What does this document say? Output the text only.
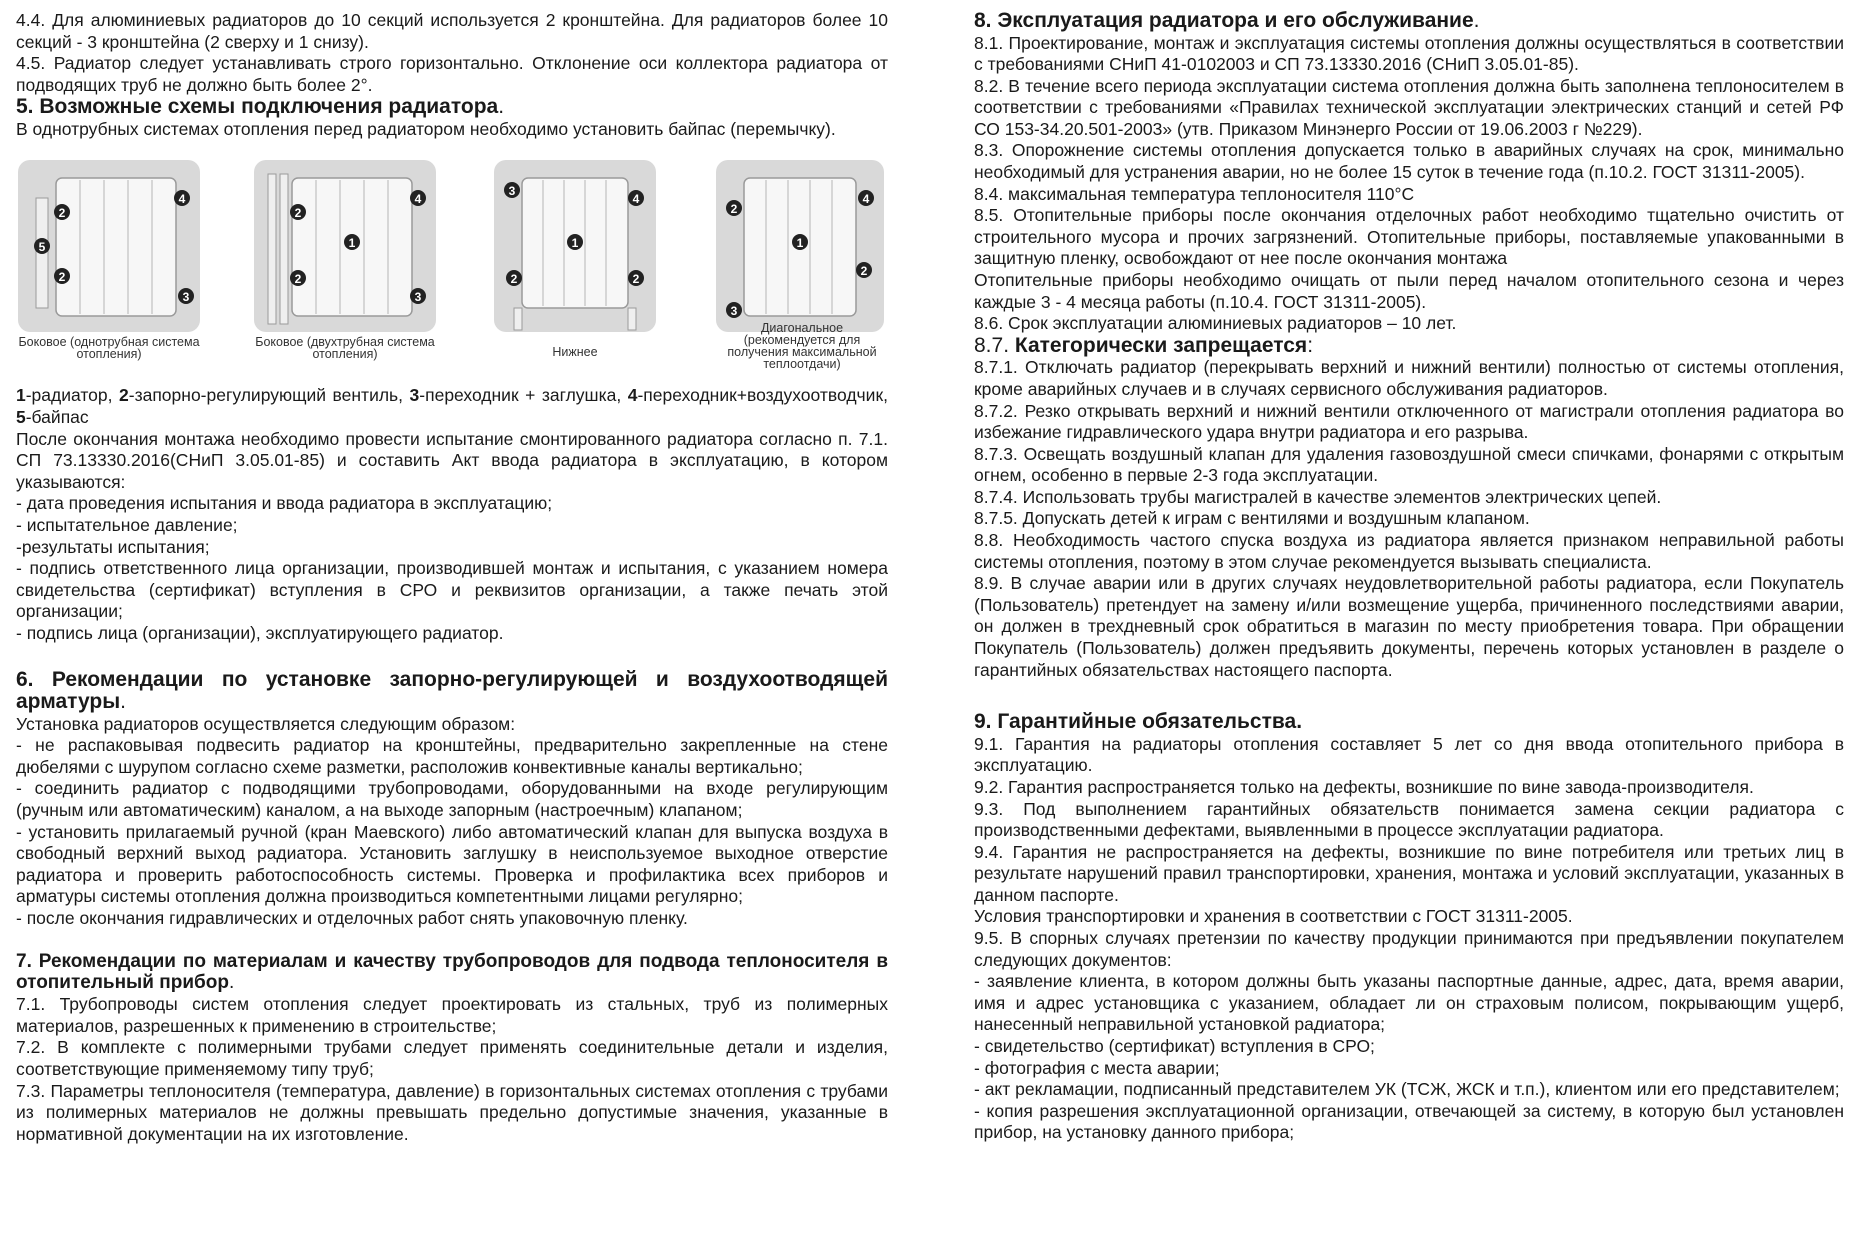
4.4. Для алюминиевых радиаторов до 10 секций используется 2 кронштейна. Для радиаторов более 10 секций - 3 кронштейна (2 сверху и 1 снизу).

4.5. Радиатор следует устанавливать строго горизонтально. Отклонение оси коллектора радиатора от подводящих труб не должно быть более 2°.

5. Возможные схемы подключения радиатора.

В однотрубных системах отопления перед радиатором необходимо установить байпас (перемычку).

4
2
5
2
3
Боковое (однотрубная система отопления)
4
2
1
2
3
Боковое (двухтрубная система отопления)
3
4
1
2	2
Нижнее
2
4
1
2
3
Диагональное (рекомендуется для получения максимальной теплоотдачи)

1-радиатор, 2-запорно-регулирующий вентиль, 3-переходник + заглушка, 4-переходник+воздухоотводчик, 5-байпас

После окончания монтажа необходимо провести испытание смонтированного радиатора согласно п. 7.1. СП 73.13330.2016(СНиП 3.05.01-85) и составить Акт ввода радиатора в эксплуатацию, в котором указываются:

- дата проведения испытания и ввода радиатора в эксплуатацию;

- испытательное давление;

-результаты испытания;

- подпись ответственного лица организации, производившей монтаж и испытания, с указанием номера свидетельства (сертификат) вступления в СРО и реквизитов организации, а также печать этой организации;

- подпись лица (организации), эксплуатирующего радиатор.

6. Рекомендации по установке запорно-регулирующей и воздухоотводящей арматуры.

Установка радиаторов осуществляется следующим образом:

- не распаковывая подвесить радиатор на кронштейны, предварительно закрепленные на стене дюбелями с шурупом согласно схеме разметки, расположив конвективные каналы вертикально;

- соединить радиатор с подводящими трубопроводами, оборудованными на входе регулирующим (ручным или автоматическим) каналом, а на выходе запорным (настроечным) клапаном;

- установить прилагаемый ручной (кран Маевского) либо автоматический клапан для выпуска воздуха в свободный верхний выход радиатора. Установить заглушку в неиспользуемое выходное отверстие радиатора и проверить работоспособность системы. Проверка и профилактика всех приборов и арматуры системы отопления должна производиться компетентными лицами регулярно;

- после окончания гидравлических и отделочных работ снять упаковочную пленку.

7. Рекомендации по материалам и качеству трубопроводов для подвода теплоносителя в отопительный прибор.

7.1. Трубопроводы систем отопления следует проектировать из стальных, труб из полимерных материалов, разрешенных к применению в строительстве;

7.2. В комплекте с полимерными трубами следует применять соединительные детали и изделия, соответствующие применяемому типу труб;

7.3. Параметры теплоносителя (температура, давление) в горизонтальных системах отопления с трубами из полимерных материалов не должны превышать предельно допустимые значения, указанные в нормативной документации на их изготовление.

8. Эксплуатация радиатора и его обслуживание.

8.1. Проектирование, монтаж и эксплуатация системы отопления должны осуществляться в соответствии с требованиями СНиП 41-0102003 и СП 73.13330.2016 (СНиП 3.05.01-85).

8.2. В течение всего периода эксплуатации система отопления должна быть заполнена теплоносителем в соответствии с требованиями «Правилах технической эксплуатации электрических станций и сетей РФ СО 153-34.20.501-2003» (утв. Приказом Минэнерго России от 19.06.2003 г №229).

8.3. Опорожнение системы отопления допускается только в аварийных случаях на срок, минимально необходимый для устранения аварии, но не более 15 суток в течение года (п.10.2. ГОСТ 31311-2005).

8.4. максимальная температура теплоносителя 110°С

8.5. Отопительные приборы после окончания отделочных работ необходимо тщательно очистить от строительного мусора и прочих загрязнений. Отопительные приборы, поставляемые упакованными в защитную пленку, освобождают от нее после окончания монтажа

Отопительные приборы необходимо очищать от пыли перед началом отопительного сезона и через каждые 3 - 4 месяца работы (п.10.4. ГОСТ 31311-2005).

8.6. Срок эксплуатации алюминиевых радиаторов – 10 лет.

8.7. Категорически запрещается:

8.7.1. Отключать радиатор (перекрывать верхний и нижний вентили) полностью от системы отопления, кроме аварийных случаев и в случаях сервисного обслуживания радиаторов.

8.7.2. Резко открывать верхний и нижний вентили отключенного от магистрали отопления радиатора во избежание гидравлического удара внутри радиатора и его разрыва.

8.7.3. Освещать воздушный клапан для удаления газовоздушной смеси спичками, фонарями с открытым огнем, особенно в первые 2-3 года эксплуатации.

8.7.4. Использовать трубы магистралей в качестве элементов электрических цепей.

8.7.5. Допускать детей к играм с вентилями и воздушным клапаном.

8.8. Необходимость частого спуска воздуха из радиатора является признаком неправильной работы системы отопления, поэтому в этом случае рекомендуется вызывать специалиста.

8.9. В случае аварии или в других случаях неудовлетворительной работы радиатора, если Покупатель (Пользователь) претендует на замену и/или возмещение ущерба, причиненного последствиями аварии, он должен в трехдневный срок обратиться в магазин по месту приобретения товара. При обращении Покупатель (Пользователь) должен предъявить документы, перечень которых установлен в разделе о гарантийных обязательствах настоящего паспорта.

9. Гарантийные обязательства.

9.1. Гарантия на радиаторы отопления составляет 5 лет со дня ввода отопительного прибора в эксплуатацию.

9.2. Гарантия распространяется только на дефекты, возникшие по вине завода-производителя.

9.3. Под выполнением гарантийных обязательств понимается замена секции радиатора с производственными дефектами, выявленными в процессе эксплуатации радиатора.

9.4. Гарантия не распространяется на дефекты, возникшие по вине потребителя или третьих лиц в результате нарушений правил транспортировки, хранения, монтажа и условий эксплуатации, указанных в данном паспорте.

Условия транспортировки и хранения в соответствии с ГОСТ 31311-2005.

9.5. В спорных случаях претензии по качеству продукции принимаются при предъявлении покупателем следующих документов:

- заявление клиента, в котором должны быть указаны паспортные данные, адрес, дата, время аварии, имя и адрес установщика с указанием, обладает ли он страховым полисом, покрывающим ущерб, нанесенный неправильной установкой радиатора;

- свидетельство (сертификат) вступления в СРО;

- фотография с места аварии;

- акт рекламации, подписанный представителем УК (ТСЖ, ЖСК и т.п.), клиентом или его представителем;

- копия разрешения эксплуатационной организации, отвечающей за систему, в которую был установлен прибор, на установку данного прибора;
